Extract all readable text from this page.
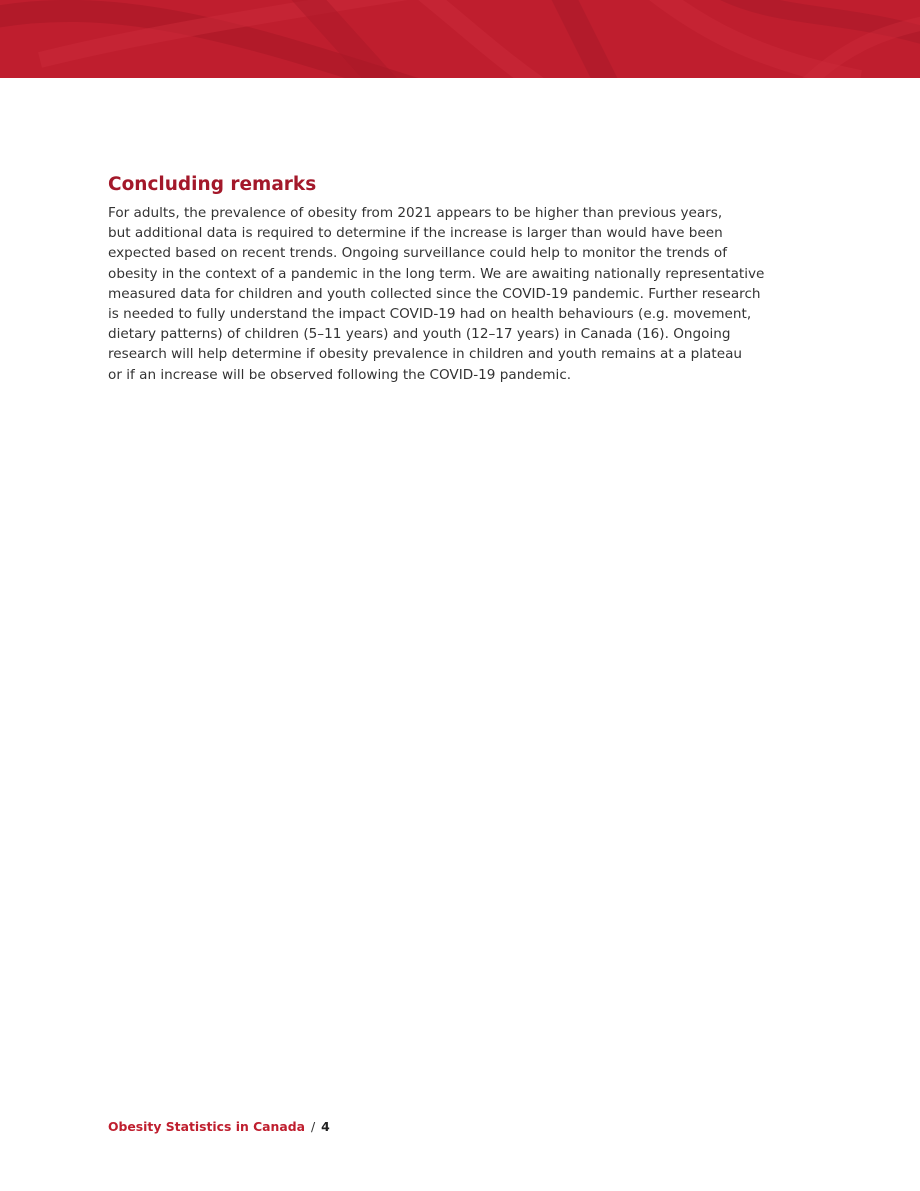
Concluding remarks

For adults, the prevalence of obesity from 2021 appears to be higher than previous years,
but additional data is required to determine if the increase is larger than would have been
expected based on recent trends. Ongoing surveillance could help to monitor the trends of
obesity in the context of a pandemic in the long term. We are awaiting nationally representative
measured data for children and youth collected since the COVID-19 pandemic. Further research
is needed to fully understand the impact COVID-19 had on health behaviours (e.g. movement,
dietary patterns) of children (5–11 years) and youth (12–17 years) in Canada (16). Ongoing
research will help determine if obesity prevalence in children and youth remains at a plateau
or if an increase will be observed following the COVID-19 pandemic.

Obesity Statistics in Canada / 4
